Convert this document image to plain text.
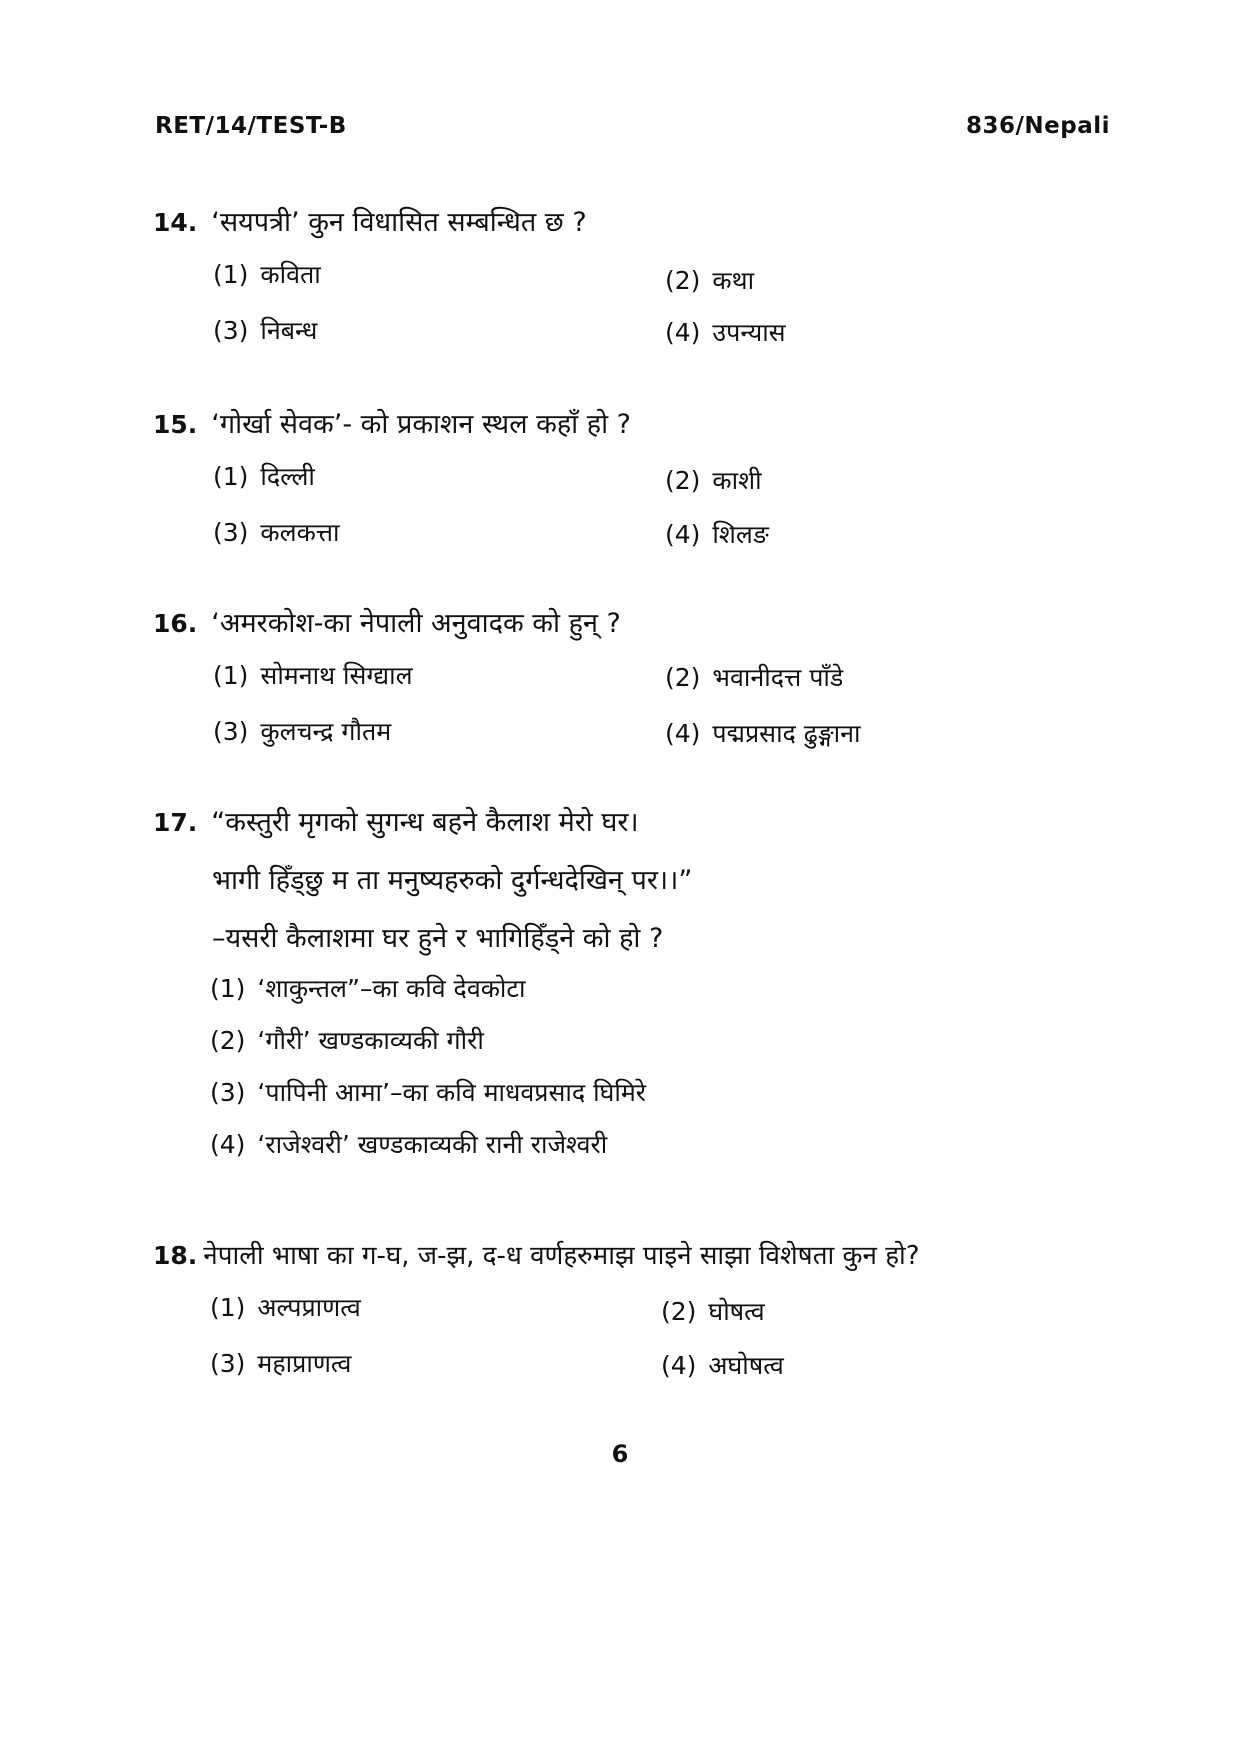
RET/14/TEST-B	836/Nepali
14. ‘सयपत्री’ कुन विधासित सम्बन्धित छ ?
(1) कविता	(2) कथा
(3) निबन्ध	(4) उपन्यास
15. ‘गोर्खा सेवक’- को प्रकाशन स्थल कहाँ हो ?
(1) दिल्ली	(2) काशी
(3) कलकत्ता	(4) शिलङ
16. ‘अमरकोश-का नेपाली अनुवादक को हुन् ?
(1) सोमनाथ सिग्द्याल	(2) भवानीदत्त पाँडे
(3) कुलचन्द्र गौतम	(4) पद्मप्रसाद ढुङ्गाना
17. “कस्तुरी मृगको सुगन्ध बहने कैलाश मेरो घर।
भागी हिँड्छु म ता मनुष्यहरुको दुर्गन्धदेखिन् पर।।”
–यसरी कैलाशमा घर हुने र भागिहिँड्ने को हो ?
(1) ‘शाकुन्तल”–का कवि देवकोटा
(2) ‘गौरी’ खण्डकाव्यकी गौरी
(3) ‘पापिनी आमा’–का कवि माधवप्रसाद घिमिरे
(4) ‘राजेश्वरी’ खण्डकाव्यकी रानी राजेश्वरी
18. नेपाली भाषा का ग-घ, ज-झ, द-ध वर्णहरुमाझ पाइने साझा विशेषता कुन हो?
(1) अल्पप्राणत्व	(2) घोषत्व
(3) महाप्राणत्व	(4) अघोषत्व
6
